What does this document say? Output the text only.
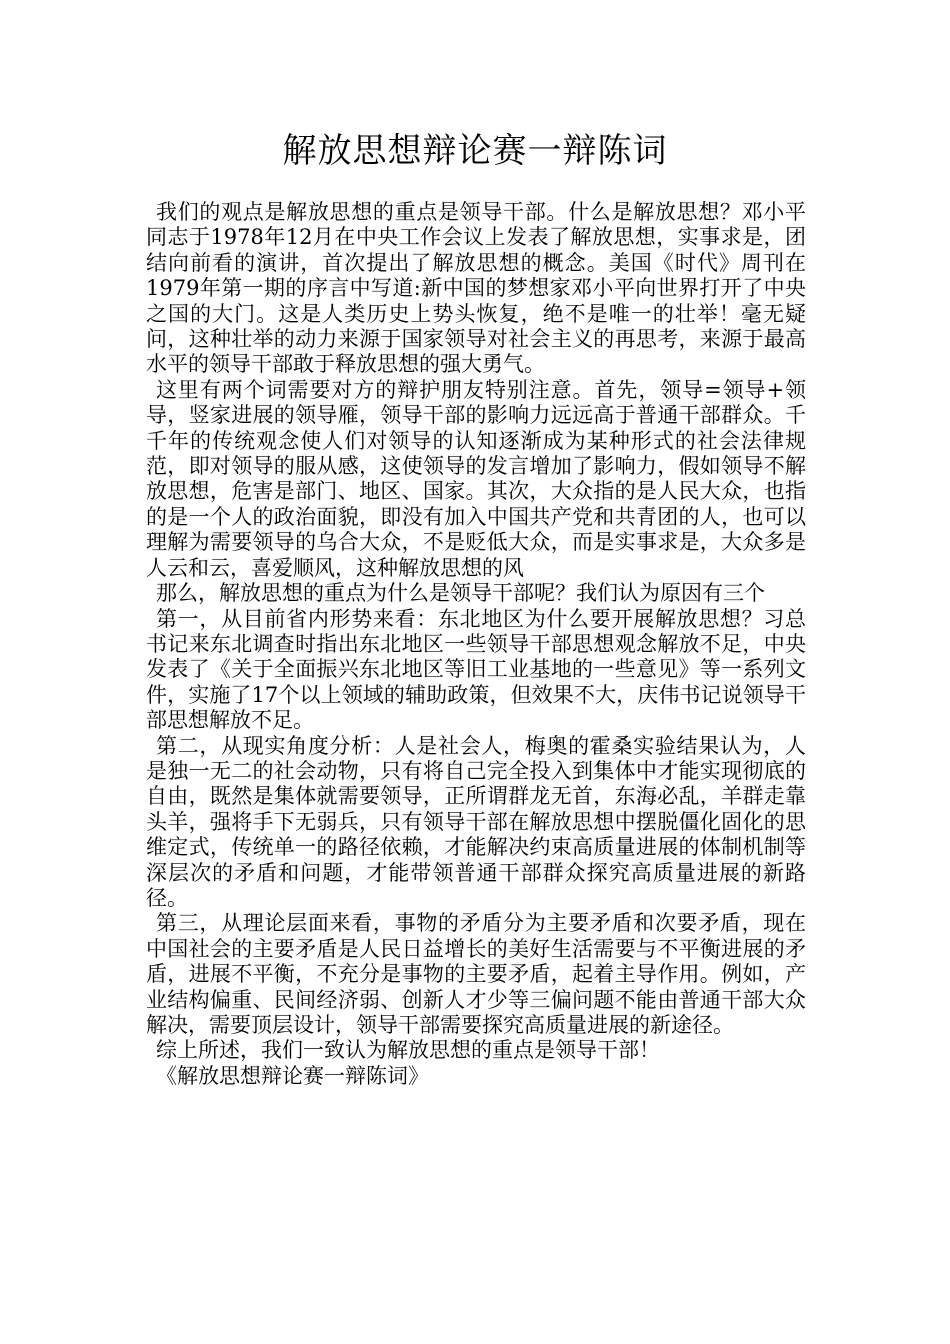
解放思想辩论赛一辩陈词

我们的观点是解放思想的重点是领导干部。什么是解放思想？邓小平同志于1978年12月在中央工作会议上发表了解放思想，实事求是，团结向前看的演讲，首次提出了解放思想的概念。美国《时代》周刊在1979年第一期的序言中写道:新中国的梦想家邓小平向世界打开了中央之国的大门。这是人类历史上势头恢复，绝不是唯一的壮举！毫无疑问，这种壮举的动力来源于国家领导对社会主义的再思考，来源于最高水平的领导干部敢于释放思想的强大勇气。

这里有两个词需要对方的辩护朋友特别注意。首先，领导=领导+领导，竖家进展的领导雁，领导干部的影响力远远高于普通干部群众。千千年的传统观念使人们对领导的认知逐渐成为某种形式的社会法律规范，即对领导的服从感，这使领导的发言增加了影响力，假如领导不解放思想，危害是部门、地区、国家。其次，大众指的是人民大众，也指的是一个人的政治面貌，即没有加入中国共产党和共青团的人，也可以理解为需要领导的乌合大众，不是贬低大众，而是实事求是，大众多是人云和云，喜爱顺风，这种解放思想的风

那么，解放思想的重点为什么是领导干部呢？我们认为原因有三个

第一，从目前省内形势来看：东北地区为什么要开展解放思想？习总书记来东北调查时指出东北地区一些领导干部思想观念解放不足，中央发表了《关于全面振兴东北地区等旧工业基地的一些意见》等一系列文件，实施了17个以上领域的辅助政策，但效果不大，庆伟书记说领导干部思想解放不足。

第二，从现实角度分析：人是社会人，梅奥的霍桑实验结果认为，人是独一无二的社会动物，只有将自己完全投入到集体中才能实现彻底的自由，既然是集体就需要领导，正所谓群龙无首，东海必乱，羊群走靠头羊，强将手下无弱兵，只有领导干部在解放思想中摆脱僵化固化的思维定式，传统单一的路径依赖，才能解决约束高质量进展的体制机制等深层次的矛盾和问题，才能带领普通干部群众探究高质量进展的新路径。

第三，从理论层面来看，事物的矛盾分为主要矛盾和次要矛盾，现在中国社会的主要矛盾是人民日益增长的美好生活需要与不平衡进展的矛盾，进展不平衡，不充分是事物的主要矛盾，起着主导作用。例如，产业结构偏重、民间经济弱、创新人才少等三偏问题不能由普通干部大众解决，需要顶层设计，领导干部需要探究高质量进展的新途径。

综上所述，我们一致认为解放思想的重点是领导干部！

《解放思想辩论赛一辩陈词》
